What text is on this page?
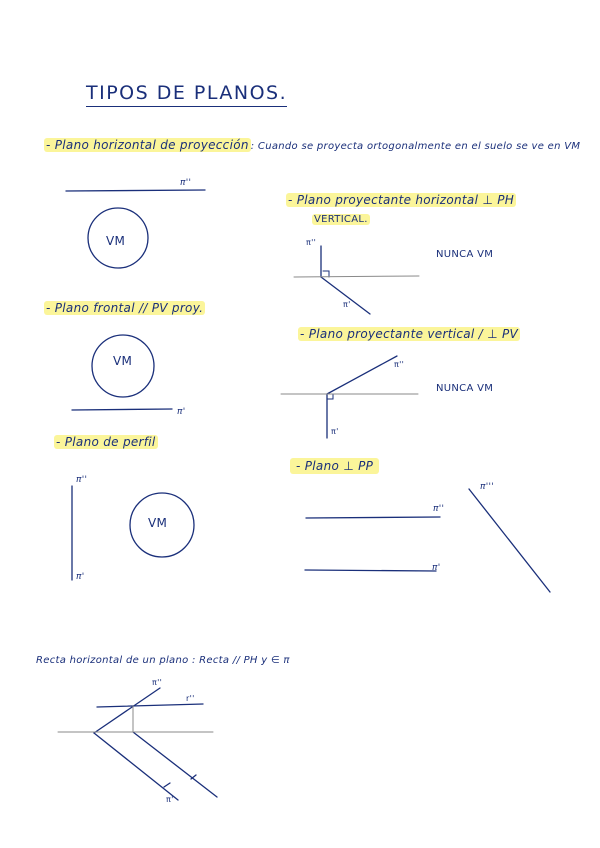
TIPOS DE PLANOS.
- Plano horizontal de proyección : Cuando se proyecta ortogonalmente en el suelo se ve en VM
π''
VM
- Plano frontal // PV proy.
VM
π'
- Plano de perfil
π''
π'
VM
- Plano proyectante horizontal ⊥ PH
VERTICAL.
π''
π'
NUNCA VM
- Plano proyectante vertical / ⊥ PV
π''
π'
NUNCA VM
- Plano ⊥ PP
π''
π'
π'''
Recta horizontal de un plano : Recta // PH y ∈ π
π''
r''
π'
